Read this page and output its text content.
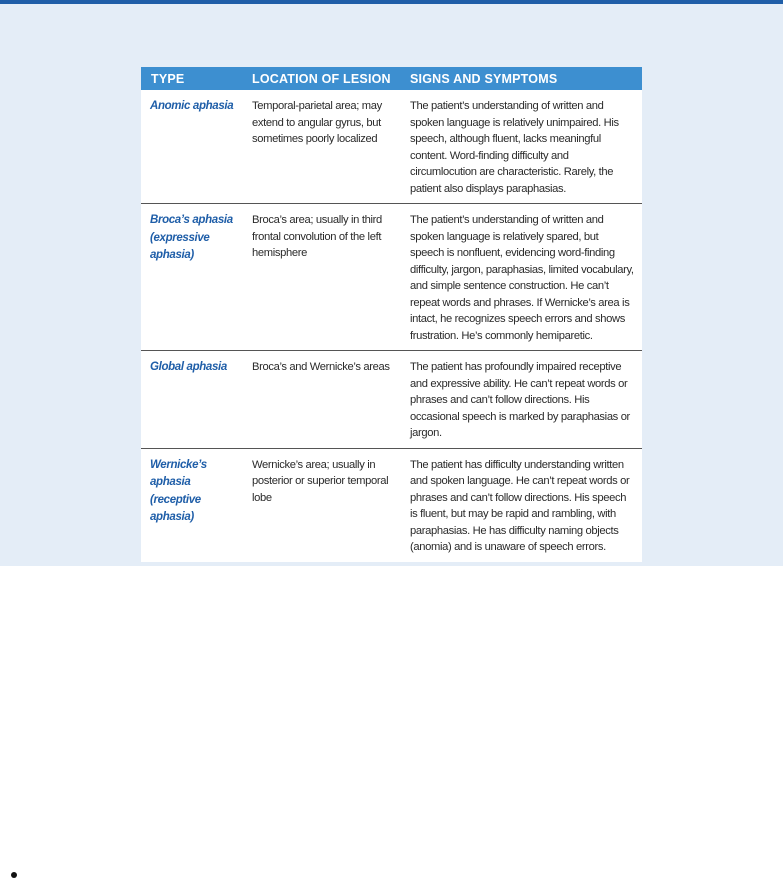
TYPE	LOCATION OF LESION	SIGNS AND SYMPTOMS

Anomic aphasia	Temporal-parietal area; may extend to angular gyrus, but sometimes poorly localized	The patient’s understanding of written and spoken language is relatively unimpaired. His speech, although fluent, lacks meaningful content. Word-finding difficulty and circumlocution are characteristic. Rarely, the patient also displays paraphasias.

Broca’s aphasia (expressive aphasia)	Broca’s area; usually in third frontal convolution of the left hemisphere	The patient’s understanding of written and spoken language is relatively spared, but speech is nonfluent, evidencing word-finding difficulty, jargon, paraphasias, limited vocabulary, and simple sentence construction. He can’t repeat words and phrases. If Wernicke’s area is intact, he recognizes speech errors and shows frustration. He’s commonly hemiparetic.

Global aphasia	Broca’s and Wernicke’s areas	The patient has profoundly impaired receptive and expressive ability. He can’t repeat words or phrases and can’t follow directions. His occasional speech is marked by paraphasias or jargon.

Wernicke’s aphasia (receptive aphasia)	Wernicke’s area; usually in posterior or superior temporal lobe	The patient has difficulty understanding written and spoken language. He can’t repeat words or phrases and can’t follow directions. His speech is fluent, but may be rapid and rambling, with paraphasias. He has difficulty naming objects (anomia) and is unaware of speech errors.
